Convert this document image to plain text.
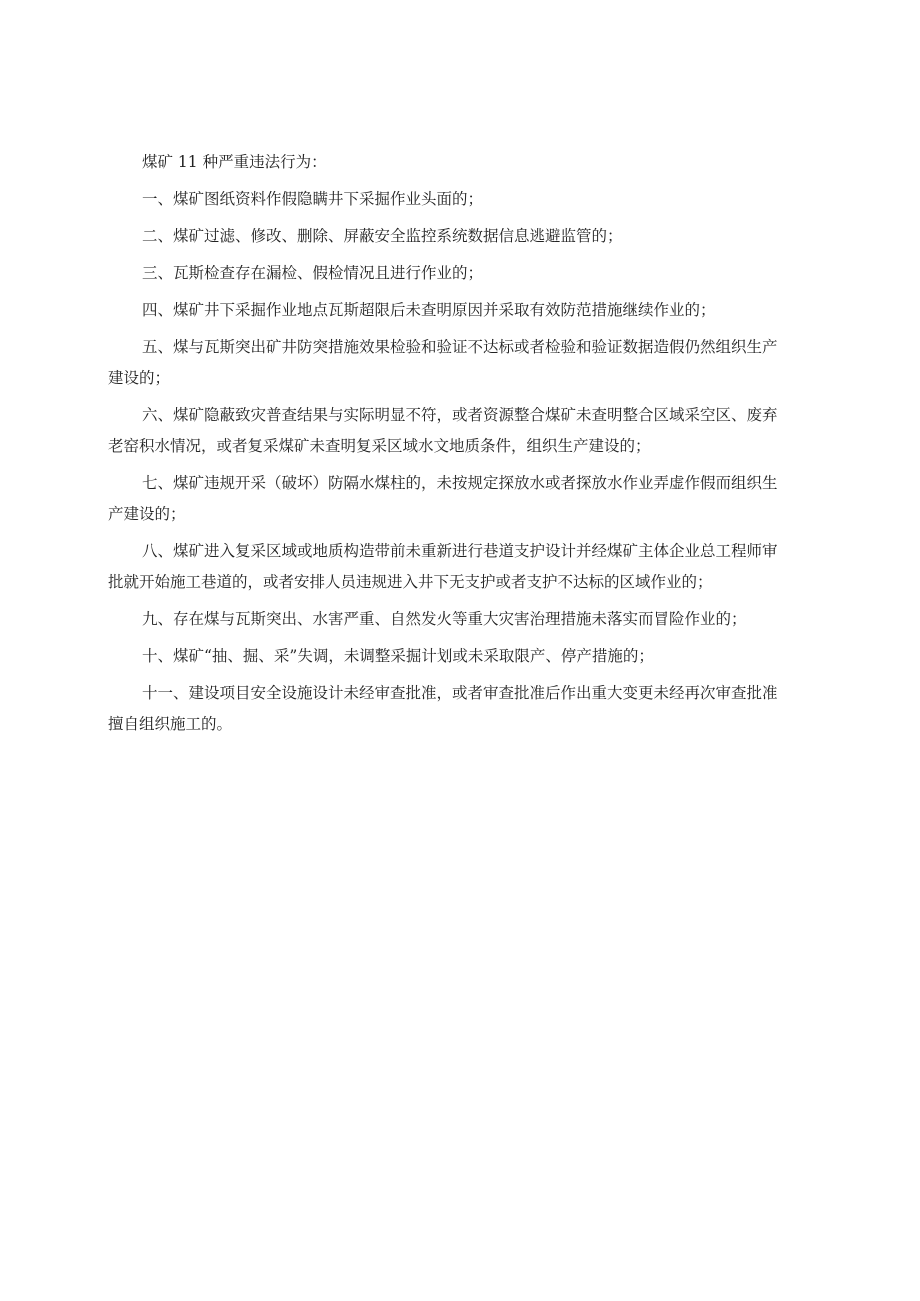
煤矿 11 种严重违法行为：

一、煤矿图纸资料作假隐瞒井下采掘作业头面的；

二、煤矿过滤、修改、删除、屏蔽安全监控系统数据信息逃避监管的；

三、瓦斯检查存在漏检、假检情况且进行作业的；

四、煤矿井下采掘作业地点瓦斯超限后未查明原因并采取有效防范措施继续作业的；

五、煤与瓦斯突出矿井防突措施效果检验和验证不达标或者检验和验证数据造假仍然组织生产建设的；

六、煤矿隐蔽致灾普查结果与实际明显不符，或者资源整合煤矿未查明整合区域采空区、废弃老窑积水情况，或者复采煤矿未查明复采区域水文地质条件，组织生产建设的；

七、煤矿违规开采（破坏）防隔水煤柱的，未按规定探放水或者探放水作业弄虚作假而组织生产建设的；

八、煤矿进入复采区域或地质构造带前未重新进行巷道支护设计并经煤矿主体企业总工程师审批就开始施工巷道的，或者安排人员违规进入井下无支护或者支护不达标的区域作业的；

九、存在煤与瓦斯突出、水害严重、自然发火等重大灾害治理措施未落实而冒险作业的；

十、煤矿“抽、掘、采”失调，未调整采掘计划或未采取限产、停产措施的；

十一、建设项目安全设施设计未经审查批准，或者审查批准后作出重大变更未经再次审查批准擅自组织施工的。
